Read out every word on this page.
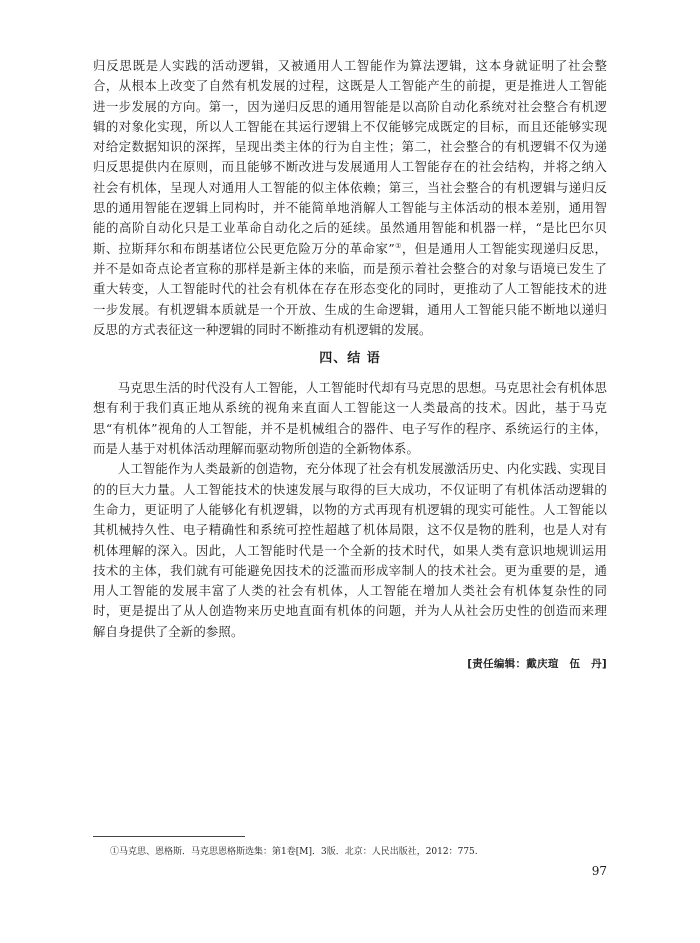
归反思既是人实践的活动逻辑，又被通用人工智能作为算法逻辑，这本身就证明了社会整合，从根本上改变了自然有机发展的过程，这既是人工智能产生的前提，更是推进人工智能进一步发展的方向。第一，因为递归反思的通用智能是以高阶自动化系统对社会整合有机逻辑的对象化实现，所以人工智能在其运行逻辑上不仅能够完成既定的目标，而且还能够实现对给定数据知识的深挥，呈现出类主体的行为自主性；第二，社会整合的有机逻辑不仅为递归反思提供内在原则，而且能够不断改进与发展通用人工智能存在的社会结构，并将之纳入社会有机体，呈现人对通用人工智能的似主体依赖；第三，当社会整合的有机逻辑与递归反思的通用智能在逻辑上同构时，并不能简单地消解人工智能与主体活动的根本差别，通用智能的高阶自动化只是工业革命自动化之后的延续。虽然通用智能和机器一样，“是比巴尔贝斯、拉斯拜尔和布朗基诸位公民更危险万分的革命家”①，但是通用人工智能实现递归反思，并不是如奇点论者宣称的那样是新主体的来临，而是预示着社会整合的对象与语境已发生了重大转变，人工智能时代的社会有机体在存在形态变化的同时，更推动了人工智能技术的进一步发展。有机逻辑本质就是一个开放、生成的生命逻辑，通用人工智能只能不断地以递归反思的方式表征这一种逻辑的同时不断推动有机逻辑的发展。

四、结 语

马克思生活的时代没有人工智能，人工智能时代却有马克思的思想。马克思社会有机体思想有利于我们真正地从系统的视角来直面人工智能这一人类最高的技术。因此，基于马克思“有机体”视角的人工智能，并不是机械组合的器件、电子写作的程序、系统运行的主体，而是人基于对机体活动理解而驱动物所创造的全新物体系。

人工智能作为人类最新的创造物，充分体现了社会有机发展激活历史、内化实践、实现目的的巨大力量。人工智能技术的快速发展与取得的巨大成功，不仅证明了有机体活动逻辑的生命力，更证明了人能够化有机逻辑，以物的方式再现有机逻辑的现实可能性。人工智能以其机械持久性、电子精确性和系统可控性超越了机体局限，这不仅是物的胜利，也是人对有机体理解的深入。因此，人工智能时代是一个全新的技术时代，如果人类有意识地规训运用技术的主体，我们就有可能避免因技术的泛滥而形成宰制人的技术社会。更为重要的是，通用人工智能的发展丰富了人类的社会有机体，人工智能在增加人类社会有机体复杂性的同时，更是提出了从人创造物来历史地直面有机体的问题，并为人从社会历史性的创造而来理解自身提供了全新的参照。

[责任编辑：戴庆瑄　伍　丹]
①马克思、恩格斯．马克思恩格斯选集：第1卷[M]．3版．北京：人民出版社，2012：775.
97
